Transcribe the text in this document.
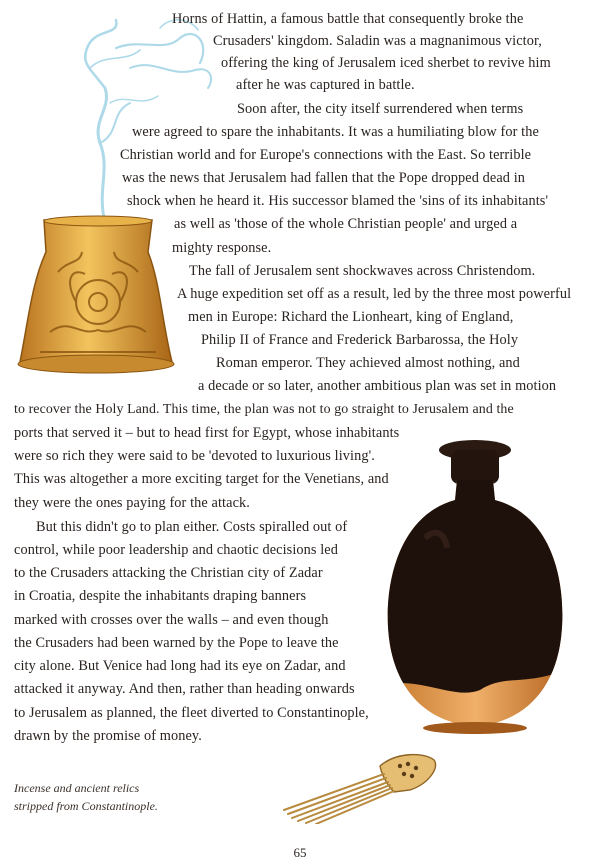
Horns of Hattin, a famous battle that consequently broke the
Crusaders' kingdom. Saladin was a magnanimous victor,
offering the king of Jerusalem iced sherbet to revive him
after he was captured in battle.
Soon after, the city itself surrendered when terms
were agreed to spare the inhabitants. It was a humiliating blow for the
Christian world and for Europe's connections with the East. So terrible
was the news that Jerusalem had fallen that the Pope dropped dead in
shock when he heard it. His successor blamed the 'sins of its inhabitants'
as well as 'those of the whole Christian people' and urged a
mighty response.
The fall of Jerusalem sent shockwaves across Christendom.
A huge expedition set off as a result, led by the three most powerful
men in Europe: Richard the Lionheart, king of England,
Philip II of France and Frederick Barbarossa, the Holy
Roman emperor. They achieved almost nothing, and
a decade or so later, another ambitious plan was set in motion
to recover the Holy Land. This time, the plan was not to go straight to Jerusalem and the
ports that served it – but to head first for Egypt, whose inhabitants
were so rich they were said to be 'devoted to luxurious living'.
This was altogether a more exciting target for the Venetians, and
they were the ones paying for the attack.
But this didn't go to plan either. Costs spiralled out of
control, while poor leadership and chaotic decisions led
to the Crusaders attacking the Christian city of Zadar
in Croatia, despite the inhabitants draping banners
marked with crosses over the walls – and even though
the Crusaders had been warned by the Pope to leave the
city alone. But Venice had long had its eye on Zadar, and
attacked it anyway. And then, rather than heading onwards
to Jerusalem as planned, the fleet diverted to Constantinople,
drawn by the promise of money.
Incense and ancient relics
stripped from Constantinople.
65
